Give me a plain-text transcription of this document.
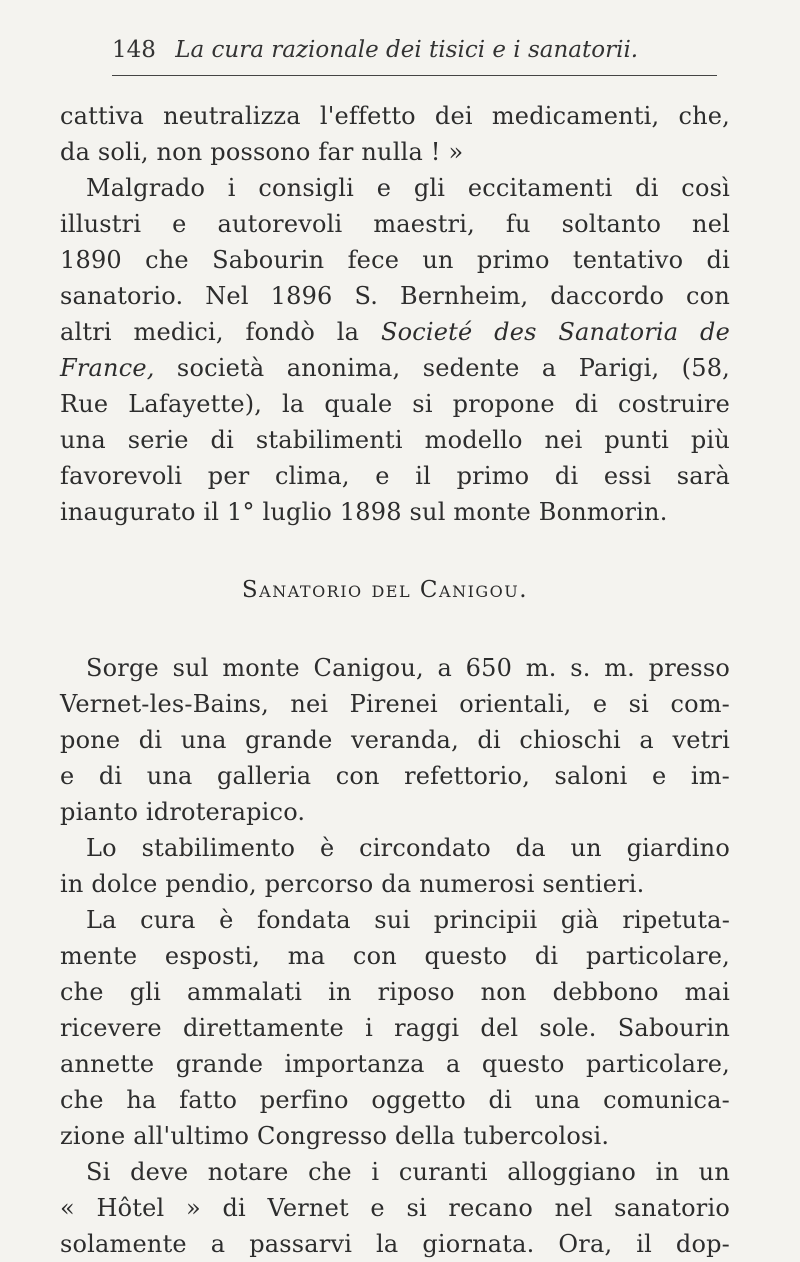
148 La cura razionale dei tisici e i sanatorii.
cattiva neutralizza l'effetto dei medicamenti, che,
da soli, non possono far nulla ! »
Malgrado i consigli e gli eccitamenti di così
illustri e autorevoli maestri, fu soltanto nel
1890 che Sabourin fece un primo tentativo di
sanatorio. Nel 1896 S. Bernheim, daccordo con
altri medici, fondò la Societé des Sanatoria de
France, società anonima, sedente a Parigi, (58,
Rue Lafayette), la quale si propone di costruire
una serie di stabilimenti modello nei punti più
favorevoli per clima, e il primo di essi sarà
inaugurato il 1° luglio 1898 sul monte Bonmorin.
Sanatorio del Canigou.
Sorge sul monte Canigou, a 650 m. s. m. presso
Vernet-les-Bains, nei Pirenei orientali, e si com-
pone di una grande veranda, di chioschi a vetri
e di una galleria con refettorio, saloni e im-
pianto idroterapico.
Lo stabilimento è circondato da un giardino
in dolce pendio, percorso da numerosi sentieri.
La cura è fondata sui principii già ripetuta-
mente esposti, ma con questo di particolare,
che gli ammalati in riposo non debbono mai
ricevere direttamente i raggi del sole. Sabourin
annette grande importanza a questo particolare,
che ha fatto perfino oggetto di una comunica-
zione all'ultimo Congresso della tubercolosi.
Si deve notare che i curanti alloggiano in un
« Hôtel » di Vernet e si recano nel sanatorio
solamente a passarvi la giornata. Ora, il dop-
